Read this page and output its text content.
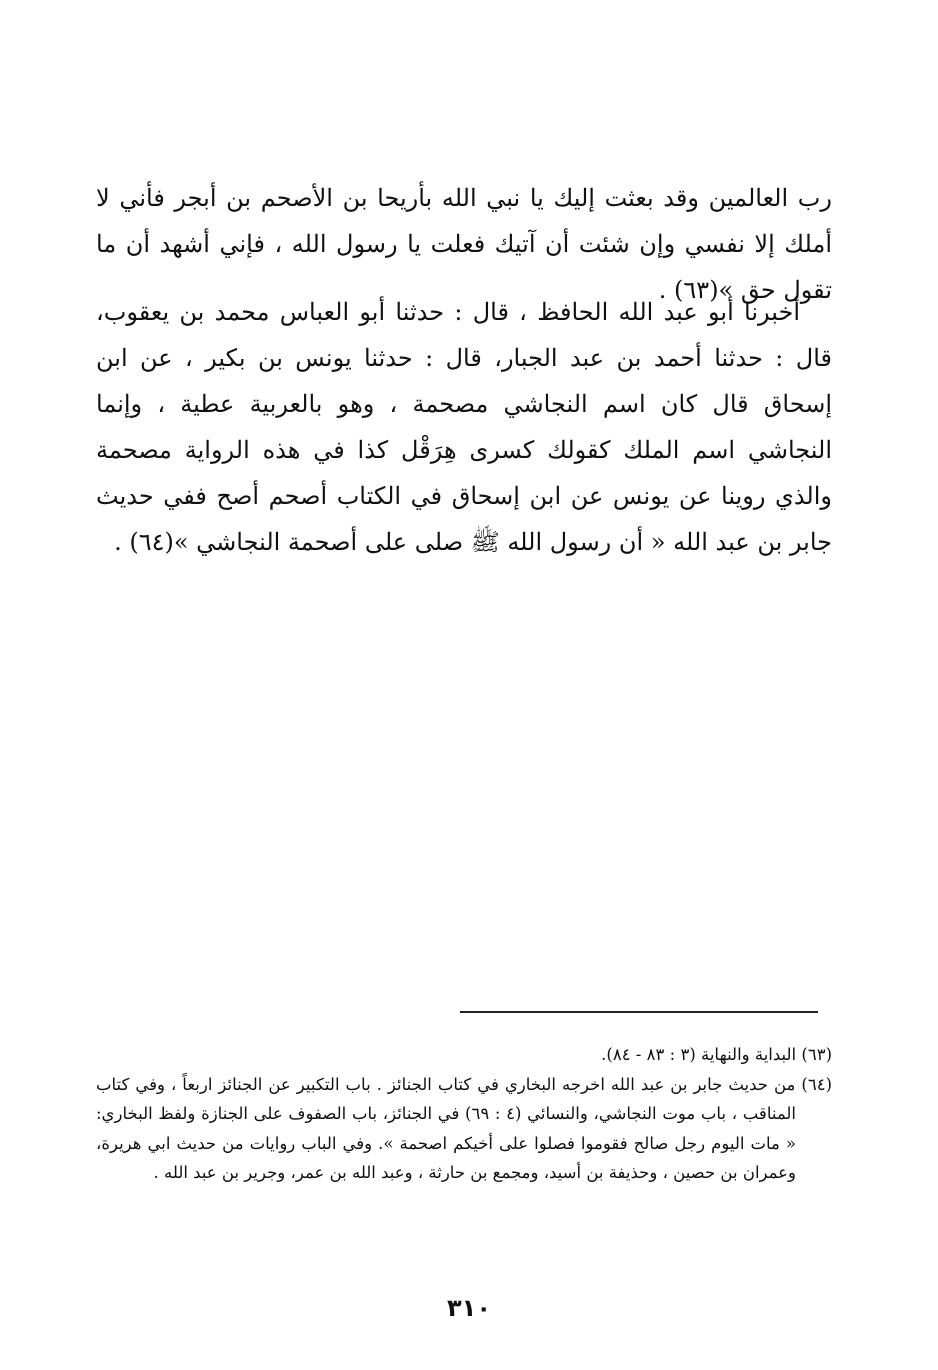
رب العالمين وقد بعثت إليك يا نبي الله بأريحا بن الأصحم بن أبجر فأني لا أملك إلا نفسي وإن شئت أن آتيك فعلت يا رسول الله ، فإني أشهد أن ما تقول حق »(٦٣) .

أخبرنا أبو عبد الله الحافظ ، قال : حدثنا أبو العباس محمد بن يعقوب، قال : حدثنا أحمد بن عبد الجبار، قال : حدثنا يونس بن بكير ، عن ابن إسحاق قال كان اسم النجاشي مصحمة ، وهو بالعربية عطية ، وإنما النجاشي اسم الملك كقولك كسرى هِرَقْل كذا في هذه الرواية مصحمة والذي روينا عن يونس عن ابن إسحاق في الكتاب أصحم أصح ففي حديث جابر بن عبد الله « أن رسول الله ﷺ صلى على أصحمة النجاشي »(٦٤) .

(٦٣) البداية والنهاية (٣ : ٨٣ - ٨٤).

(٦٤) من حديث جابر بن عبد الله اخرجه البخاري في كتاب الجنائز . باب التكبير عن الجنائز اربعاً ، وفي كتاب المناقب ، باب موت النجاشي، والنسائي (٤ : ٦٩) في الجنائز، باب الصفوف على الجنازة ولفظ البخاري: « مات اليوم رجل صالح فقوموا فصلوا على أخيكم اصحمة ». وفي الباب روايات من حديث ابي هريرة، وعمران بن حصين ، وحذيفة بن أسيد، ومجمع بن حارثة ، وعبد الله بن عمر، وجرير بن عبد الله .

٣١٠
